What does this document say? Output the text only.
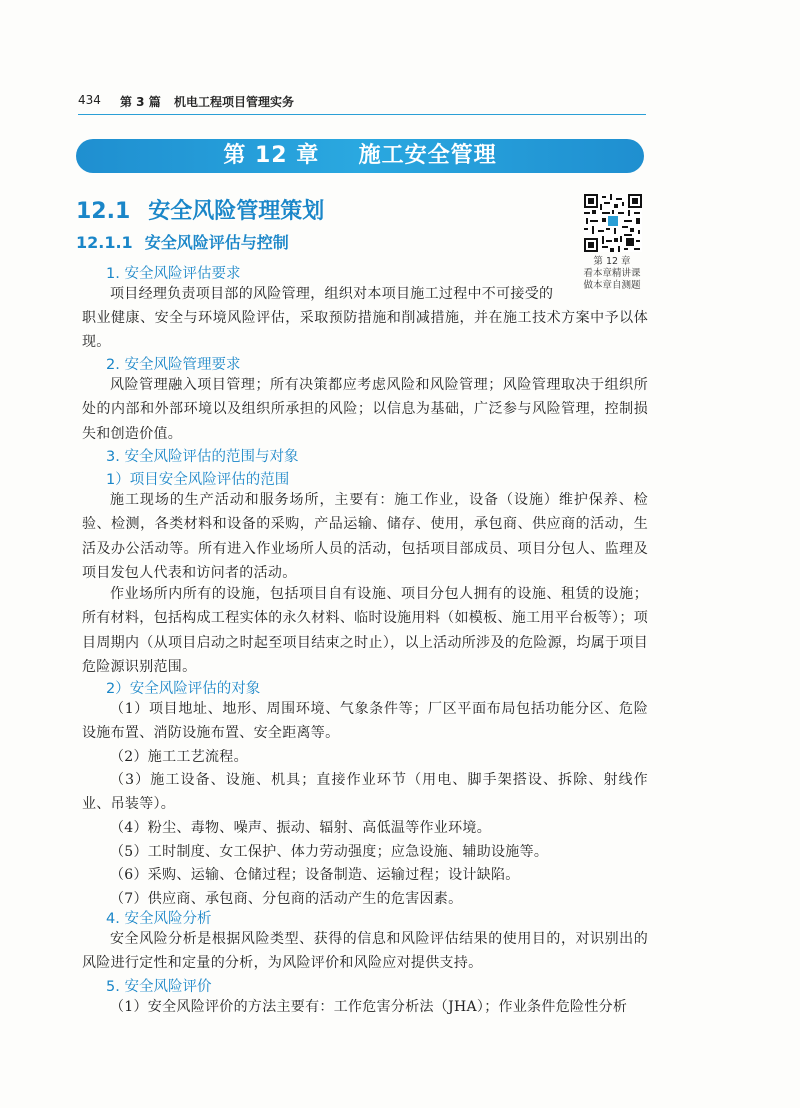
434 第 3 篇 机电工程项目管理实务
第 12 章 施工安全管理
12.1 安全风险管理策划
12.1.1 安全风险评估与控制
第 12 章
看本章精讲课
做本章自测题
1. 安全风险评估要求
项目经理负责项目部的风险管理，组织对本项目施工过程中不可接受的
职业健康、安全与环境风险评估，采取预防措施和削减措施，并在施工技术方案中予以体现。
2. 安全风险管理要求
风险管理融入项目管理；所有决策都应考虑风险和风险管理；风险管理取决于组织所处的内部和外部环境以及组织所承担的风险；以信息为基础，广泛参与风险管理，控制损失和创造价值。
3. 安全风险评估的范围与对象
1）项目安全风险评估的范围
施工现场的生产活动和服务场所，主要有：施工作业，设备（设施）维护保养、检验、检测，各类材料和设备的采购，产品运输、储存、使用，承包商、供应商的活动，生活及办公活动等。所有进入作业场所人员的活动，包括项目部成员、项目分包人、监理及项目发包人代表和访问者的活动。
作业场所内所有的设施，包括项目自有设施、项目分包人拥有的设施、租赁的设施；所有材料，包括构成工程实体的永久材料、临时设施用料（如模板、施工用平台板等）；项目周期内（从项目启动之时起至项目结束之时止），以上活动所涉及的危险源，均属于项目危险源识别范围。
2）安全风险评估的对象
（1）项目地址、地形、周围环境、气象条件等；厂区平面布局包括功能分区、危险设施布置、消防设施布置、安全距离等。
（2）施工工艺流程。
（3）施工设备、设施、机具；直接作业环节（用电、脚手架搭设、拆除、射线作业、吊装等）。
（4）粉尘、毒物、噪声、振动、辐射、高低温等作业环境。
（5）工时制度、女工保护、体力劳动强度；应急设施、辅助设施等。
（6）采购、运输、仓储过程；设备制造、运输过程；设计缺陷。
（7）供应商、承包商、分包商的活动产生的危害因素。
4. 安全风险分析
安全风险分析是根据风险类型、获得的信息和风险评估结果的使用目的，对识别出的风险进行定性和定量的分析，为风险评价和风险应对提供支持。
5. 安全风险评价
（1）安全风险评价的方法主要有：工作危害分析法（JHA）；作业条件危险性分析
